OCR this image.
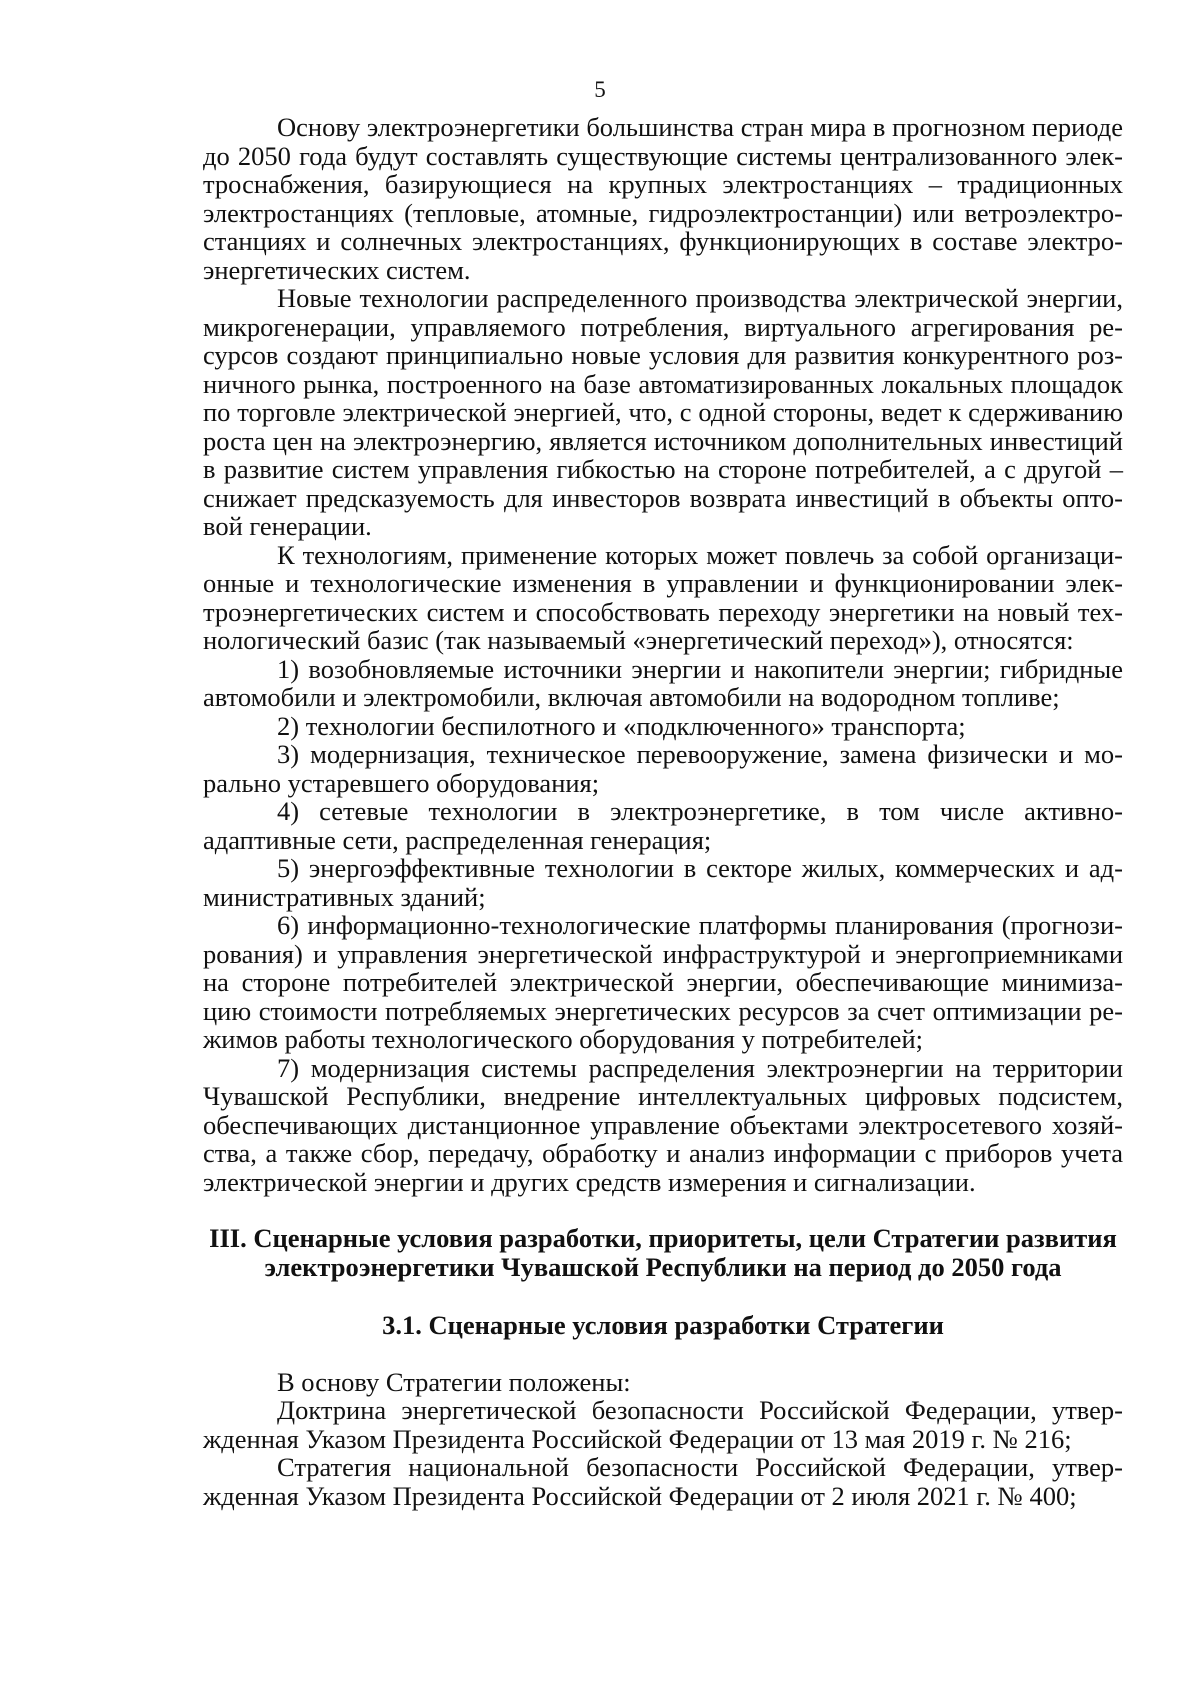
5

Основу электроэнергетики большинства стран мира в прогнозном периоде до 2050 года будут составлять существующие системы централизованного электроснабжения, базирующиеся на крупных электростанциях – традиционных электростанциях (тепловые, атомные, гидроэлектростанции) или ветроэлектростанциях и солнечных электростанциях, функционирующих в составе электроэнергетических систем.

Новые технологии распределенного производства электрической энергии, микрогенерации, управляемого потребления, виртуального агрегирования ресурсов создают принципиально новые условия для развития конкурентного розничного рынка, построенного на базе автоматизированных локальных площадок по торговле электрической энергией, что, с одной стороны, ведет к сдерживанию роста цен на электроэнергию, является источником дополнительных инвестиций в развитие систем управления гибкостью на стороне потребителей, а с другой – снижает предсказуемость для инвесторов возврата инвестиций в объекты оптовой генерации.

К технологиям, применение которых может повлечь за собой организационные и технологические изменения в управлении и функционировании электроэнергетических систем и способствовать переходу энергетики на новый технологический базис (так называемый «энергетический переход»), относятся:

1) возобновляемые источники энергии и накопители энергии; гибридные автомобили и электромобили, включая автомобили на водородном топливе;

2) технологии беспилотного и «подключенного» транспорта;

3) модернизация, техническое перевооружение, замена физически и морально устаревшего оборудования;

4) сетевые технологии в электроэнергетике, в том числе активно-адаптивные сети, распределенная генерация;

5) энергоэффективные технологии в секторе жилых, коммерческих и административных зданий;

6) информационно-технологические платформы планирования (прогнозирования) и управления энергетической инфраструктурой и энергоприемниками на стороне потребителей электрической энергии, обеспечивающие минимизацию стоимости потребляемых энергетических ресурсов за счет оптимизации режимов работы технологического оборудования у потребителей;

7) модернизация системы распределения электроэнергии на территории Чувашской Республики, внедрение интеллектуальных цифровых подсистем, обеспечивающих дистанционное управление объектами электросетевого хозяйства, а также сбор, передачу, обработку и анализ информации с приборов учета электрической энергии и других средств измерения и сигнализации.

III. Сценарные условия разработки, приоритеты, цели Стратегии развития

электроэнергетики Чувашской Республики на период до 2050 года

3.1. Сценарные условия разработки Стратегии

В основу Стратегии положены:

Доктрина энергетической безопасности Российской Федерации, утвержденная Указом Президента Российской Федерации от 13 мая 2019 г. № 216;

Стратегия национальной безопасности Российской Федерации, утвержденная Указом Президента Российской Федерации от 2 июля 2021 г. № 400;
